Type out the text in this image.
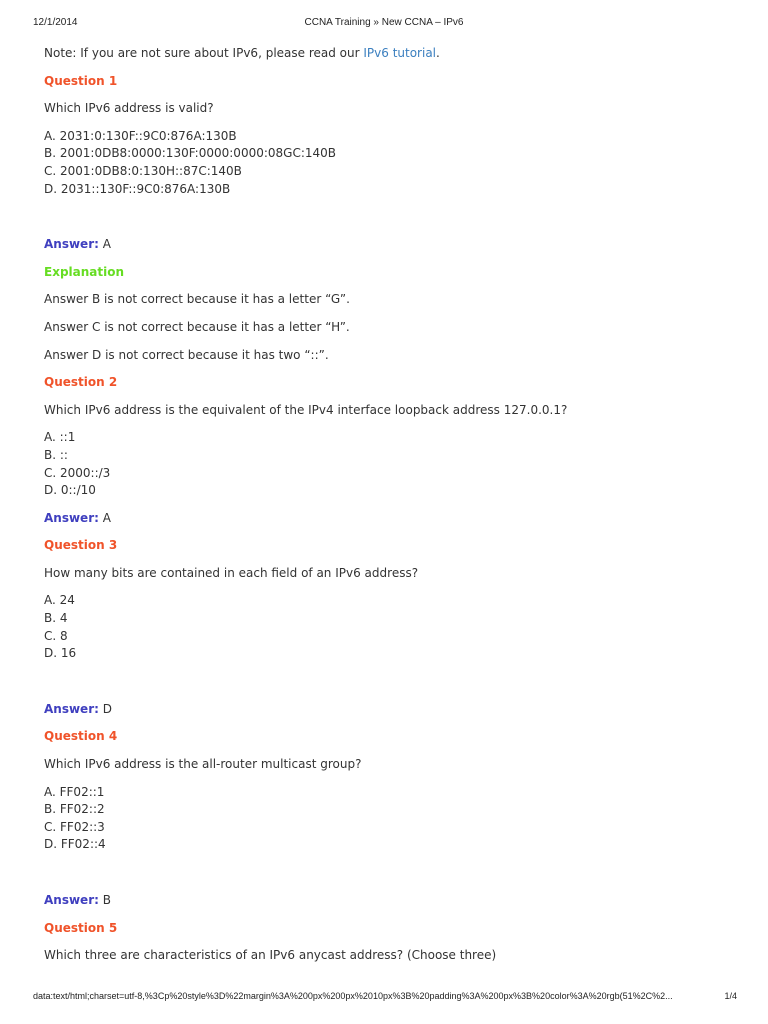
12/1/2014	CCNA Training » New CCNA – IPv6

Note: If you are not sure about IPv6, please read our IPv6 tutorial.

Question 1

Which IPv6 address is valid?

A. 2031:0:130F::9C0:876A:130B

B. 2001:0DB8:0000:130F:0000:0000:08GC:140B

C. 2001:0DB8:0:130H::87C:140B

D. 2031::130F::9C0:876A:130B

Answer: A

Explanation

Answer B is not correct because it has a letter “G”.

Answer C is not correct because it has a letter “H”.

Answer D is not correct because it has two “::”.

Question 2

Which IPv6 address is the equivalent of the IPv4 interface loopback address 127.0.0.1?

A. ::1

B. ::

C. 2000::/3

D. 0::/10

Answer: A

Question 3

How many bits are contained in each field of an IPv6 address?

A. 24

B. 4

C. 8

D. 16

Answer: D

Question 4

Which IPv6 address is the all-router multicast group?

A. FF02::1

B. FF02::2

C. FF02::3

D. FF02::4

Answer: B

Question 5

Which three are characteristics of an IPv6 anycast address? (Choose three)

data:text/html;charset=utf-8,%3Cp%20style%3D%22margin%3A%200px%200px%2010px%3B%20padding%3A%200px%3B%20color%3A%20rgb(51%2C%2...	1/4
